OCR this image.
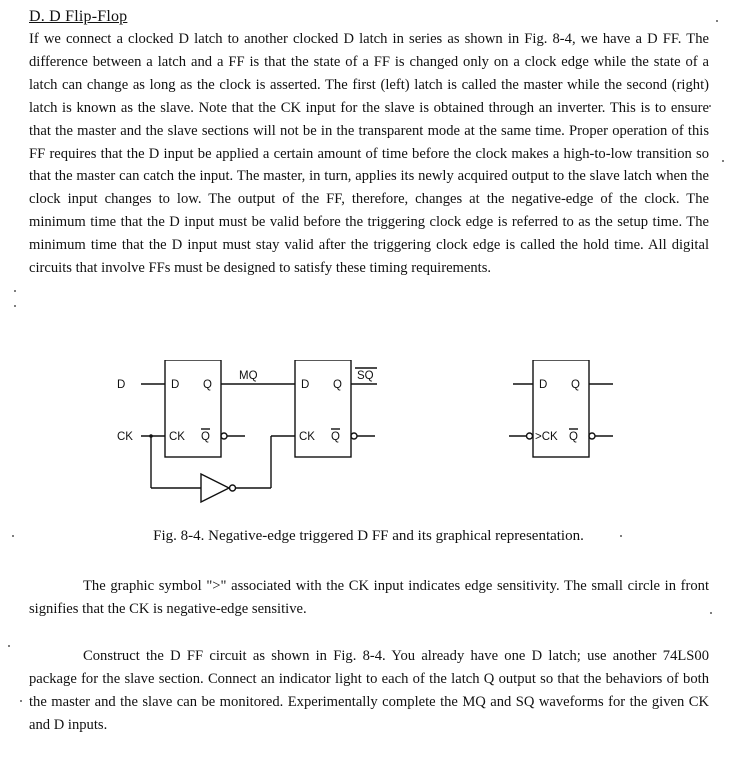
D. D Flip-Flop

If we connect a clocked D latch to another clocked D latch in series as shown in Fig. 8-4, we have a D FF. The difference between a latch and a FF is that the state of a FF is changed only on a clock edge while the state of a latch can change as long as the clock is asserted. The first (left) latch is called the master while the second (right) latch is known as the slave. Note that the CK input for the slave is obtained through an inverter. This is to ensure that the master and the slave sections will not be in the transparent mode at the same time. Proper operation of this FF requires that the D input be applied a certain amount of time before the clock makes a high-to-low transition so that the master can catch the input. The master, in turn, applies its newly acquired output to the slave latch when the clock input changes to low. The output of the FF, therefore, changes at the negative-edge of the clock. The minimum time that the D input must be valid before the triggering clock edge is referred to as the setup time. The minimum time that the D input must stay valid after the triggering clock edge is called the hold time. All digital circuits that involve FFs must be designed to satisfy these timing requirements.

D Q
CK Q
D
CK
MQ
D Q
CK Q
SQ
D Q
>CK Q
Fig. 8-4. Negative-edge triggered D FF and its graphical representation.

The graphic symbol ">" associated with the CK input indicates edge sensitivity. The small circle in front signifies that the CK is negative-edge sensitive.

Construct the D FF circuit as shown in Fig. 8-4. You already have one D latch; use another 74LS00 package for the slave section. Connect an indicator light to each of the latch Q output so that the behaviors of both the master and the slave can be monitored. Experimentally complete the MQ and SQ waveforms for the given CK and D inputs.
